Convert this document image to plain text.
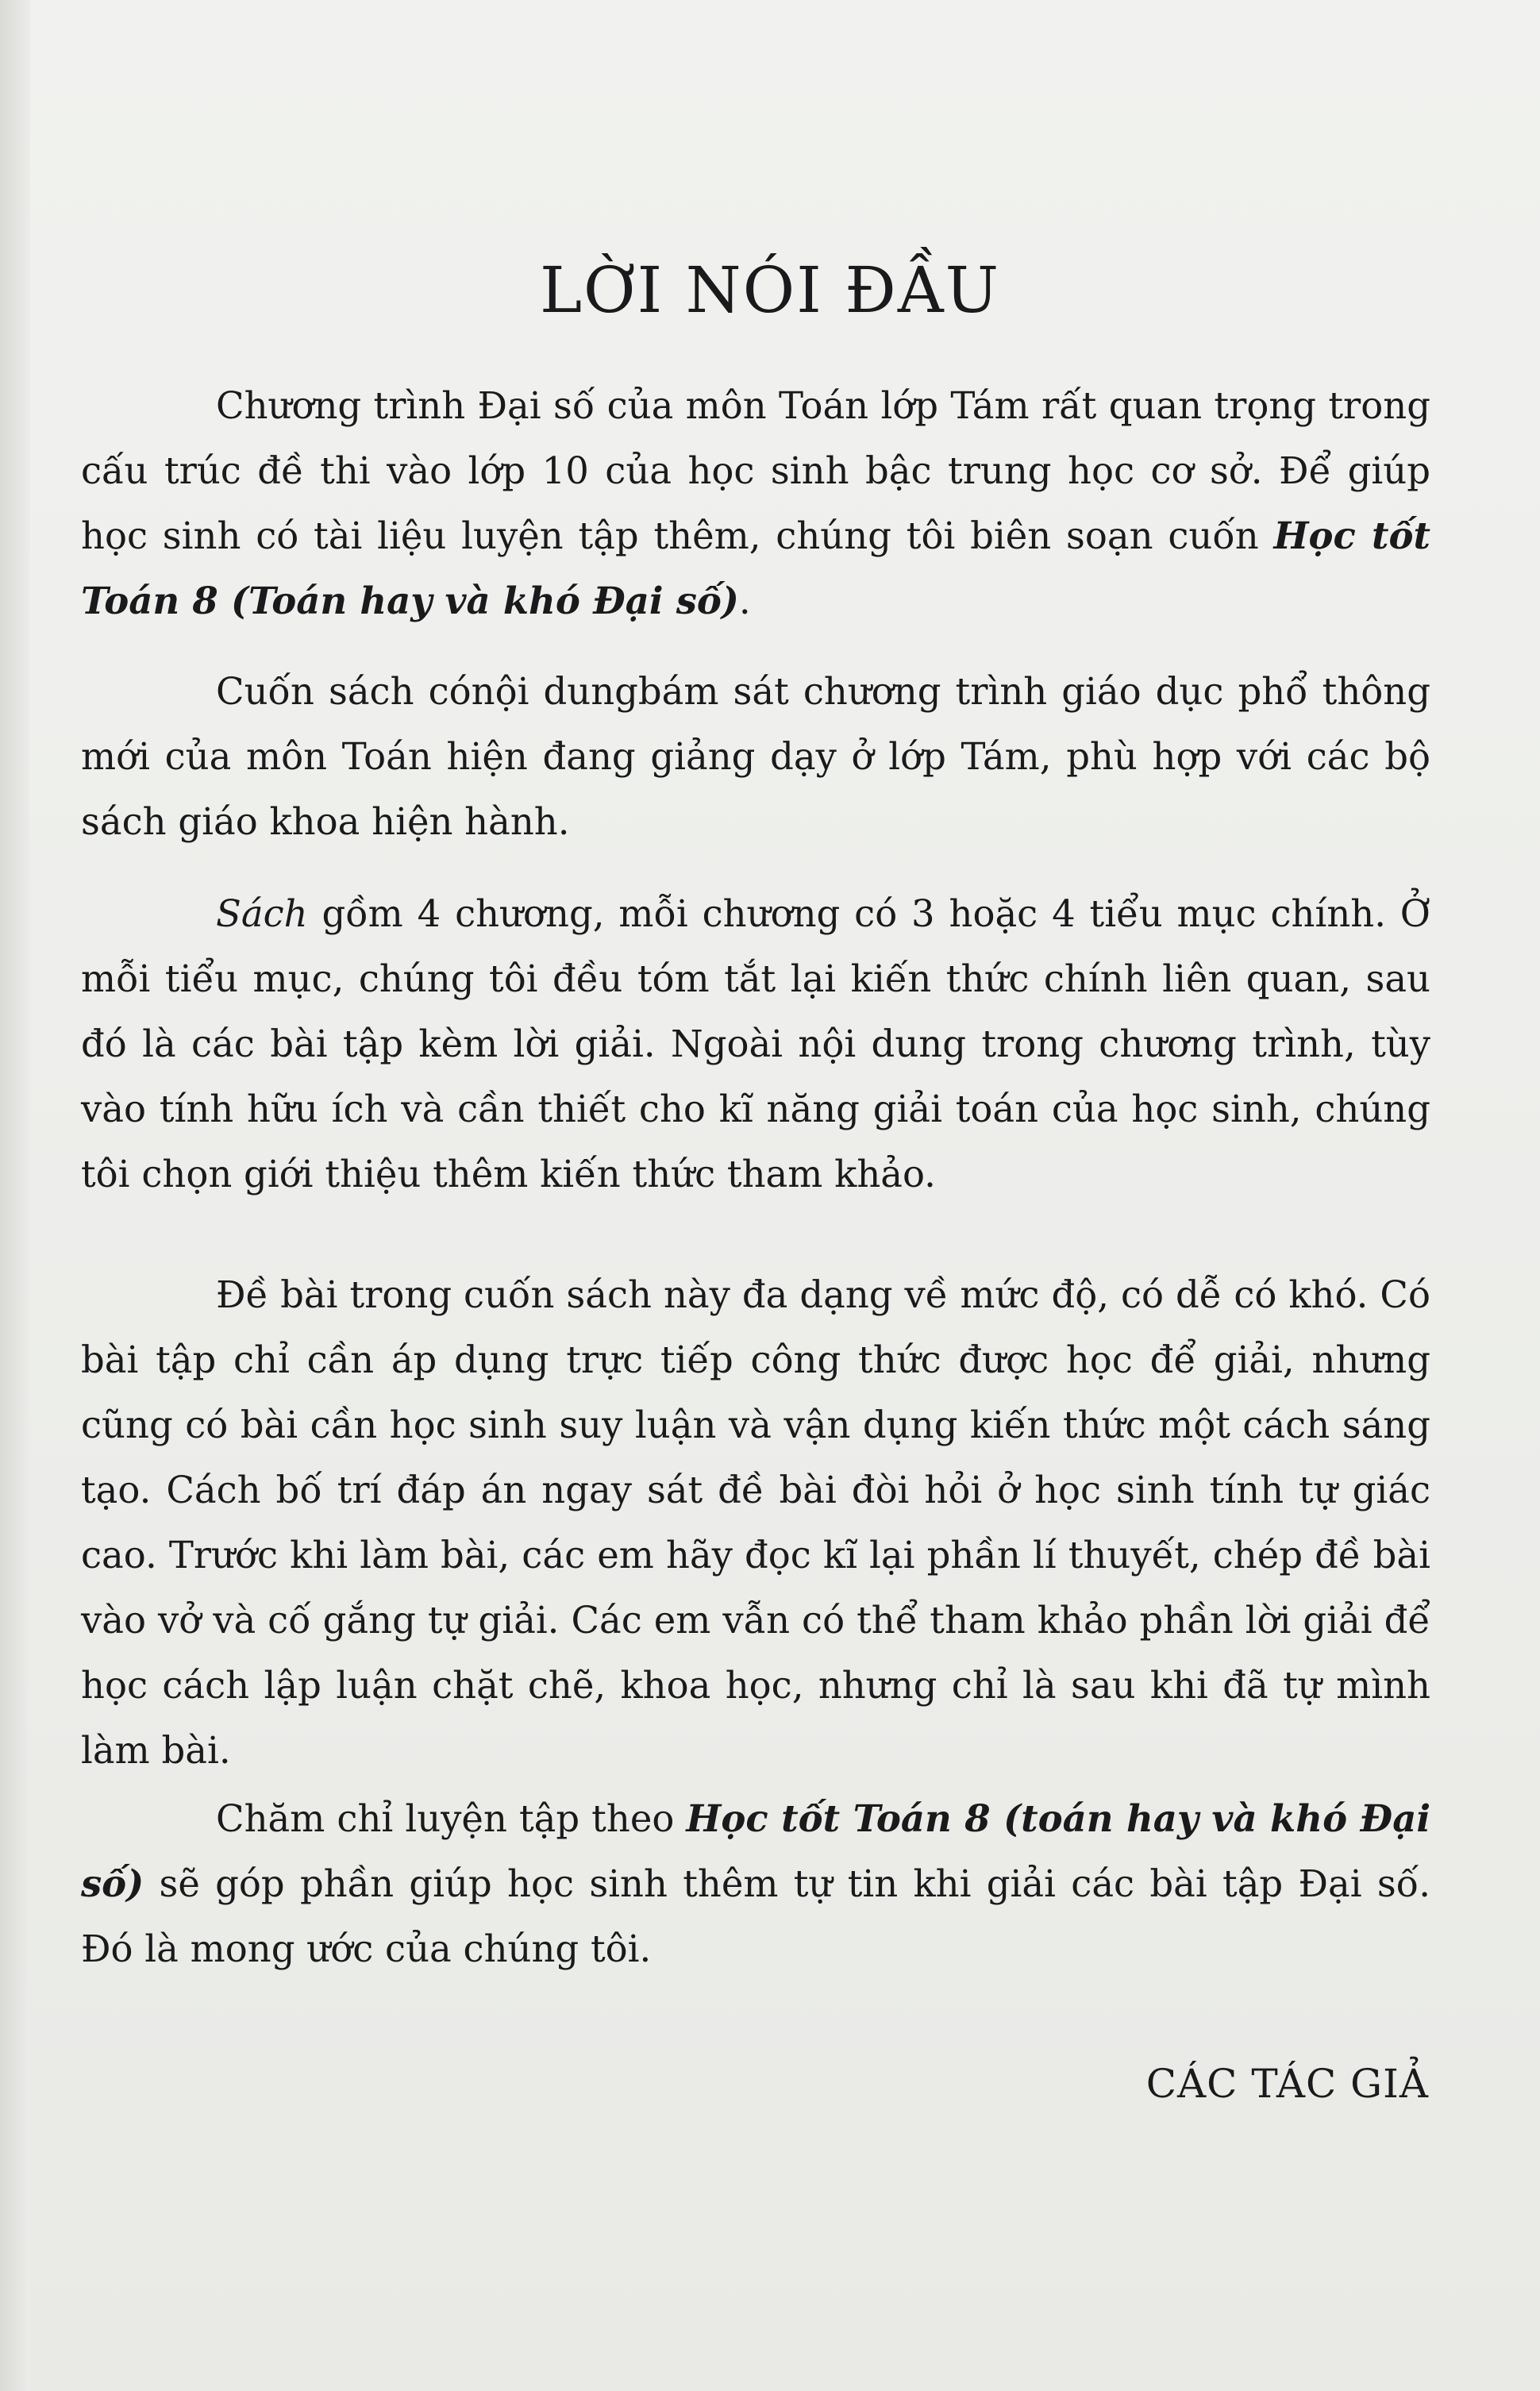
LỜI NÓI ĐẦU

Chương trình Đại số của môn Toán lớp Tám rất quan trọng trong cấu trúc đề thi vào lớp 10 của học sinh bậc trung học cơ sở. Để giúp học sinh có tài liệu luyện tập thêm, chúng tôi biên soạn cuốn Học tốt Toán 8 (Toán hay và khó Đại số).

Cuốn sách cónội dungbám sát chương trình giáo dục phổ thông mới của môn Toán hiện đang giảng dạy ở lớp Tám, phù hợp với các bộ sách giáo khoa hiện hành.

Sách gồm 4 chương, mỗi chương có 3 hoặc 4 tiểu mục chính. Ở mỗi tiểu mục, chúng tôi đều tóm tắt lại kiến thức chính liên quan, sau đó là các bài tập kèm lời giải. Ngoài nội dung trong chương trình, tùy vào tính hữu ích và cần thiết cho kĩ năng giải toán của học sinh, chúng tôi chọn giới thiệu thêm kiến thức tham khảo.

Đề bài trong cuốn sách này đa dạng về mức độ, có dễ có khó. Có bài tập chỉ cần áp dụng trực tiếp công thức được học để giải, nhưng cũng có bài cần học sinh suy luận và vận dụng kiến thức một cách sáng tạo. Cách bố trí đáp án ngay sát đề bài đòi hỏi ở học sinh tính tự giác cao. Trước khi làm bài, các em hãy đọc kĩ lại phần lí thuyết, chép đề bài vào vở và cố gắng tự giải. Các em vẫn có thể tham khảo phần lời giải để học cách lập luận chặt chẽ, khoa học, nhưng chỉ là sau khi đã tự mình làm bài.

Chăm chỉ luyện tập theo Học tốt Toán 8 (toán hay và khó Đại số) sẽ góp phần giúp học sinh thêm tự tin khi giải các bài tập Đại số. Đó là mong ước của chúng tôi.

CÁC TÁC GIẢ
